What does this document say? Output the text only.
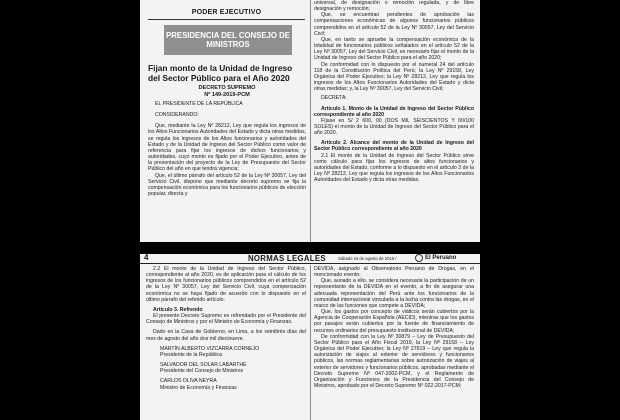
PODER EJECUTIVO
PRESIDENCIA DEL CONSEJO DE MINISTROS
Fijan monto de la Unidad de Ingreso del Sector Público para el Año 2020
DECRETO SUPREMO
Nº 149-2019-PCM

EL PRESIDENTE DE LA REPÚBLICA

CONSIDERANDO:

Que, mediante la Ley Nº 28212, Ley que regula los ingresos de los Altos Funcionarios Autoridades del Estado y dicta otras medidas, se regula los ingresos de los Altos funcionarios y autoridades del Estado y de la Unidad de Ingreso del Sector Público como valor de referencia para fijar los ingresos de dichos funcionarios y autoridades, cuyo monto es fijado por el Poder Ejecutivo, antes de la presentación del proyecto de la Ley de Presupuesto del Sector Público del año en que tendrá vigencia;

Que, el último párrafo del artículo 52 de la Ley Nº 30057, Ley del Servicio Civil, dispone que mediante decreto supremo se fija la compensación económica para los funcionarios públicos de elección popular, directa y

universal, de designación o remoción regulada, y de libre designación y remoción;

Que, se encuentran pendientes de aprobación las compensaciones económicas de algunos funcionarios públicos comprendidos en el artículo 52 de la Ley Nº 30057, Ley del Servicio Civil;

Que, en tanto se apruebe la compensación económica de la totalidad de funcionarios públicos señalados en el artículo 52 de la Ley Nº 30057, Ley del Servicio Civil, es necesario fijar el monto de la Unidad de Ingreso del Sector Público para el año 2020;

De conformidad con lo dispuesto por el numeral 24 del artículo 118 de la Constitución Política del Perú; la Ley Nº 29158, Ley Orgánica del Poder Ejecutivo; la Ley Nº 28212, Ley que regula los ingresos de los Altos Funcionarios Autoridades del Estado y dicta otras medidas; y, la Ley Nº 30057, Ley del Servicio Civil;

DECRETA:

Artículo 1. Monto de la Unidad de Ingreso del Sector Público correspondiente al año 2020

Fíjase en S/ 2 600, 00 (DOS MIL SEISCIENTOS Y 00/100 SOLES) el monto de la Unidad de Ingreso del Sector Público para el año 2020.

Artículo 2. Alcance del monto de la Unidad de Ingreso del Sector Público correspondiente al año 2020

2.1 El monto de la Unidad de Ingreso del Sector Público sirve como cálculo para fijar los ingresos de altos funcionarios y autoridades del Estado, conforme a lo dispuesto en el artículo 3 de la Ley Nº 28212, Ley que regula los ingresos de los Altos Funcionarios Autoridades del Estado y dicta otras medidas.

4	NORMAS LEGALES	Sábado 24 de agosto de 2019 /	El Peruano

2.2 El monto de la Unidad de Ingreso del Sector Público, correspondiente al año 2020, es de aplicación para el cálculo de los ingresos de los funcionarios públicos comprendidos en el artículo 52 de la Ley Nº 30057, Ley del Servicio Civil, cuya compensación económica no se haya fijado de acuerdo con lo dispuesto en el último párrafo del referido artículo.

Artículo 3. Refrendo

El presente Decreto Supremo es refrendado por el Presidente del Consejo de Ministros y por el Ministro de Economía y Finanzas.

Dado en la Casa de Gobierno, en Lima, a los veintitrés días del mes de agosto del año dos mil diecinueve.

MARTÍN ALBERTO VIZCARRA CORNEJO

Presidente de la República

SALVADOR DEL SOLAR LABARTHE

Presidente del Consejo de Ministros

CARLOS OLIVA NEYRA

Ministro de Economía y Finanzas

DEVIDA, asignado al Observatorio Peruano de Drogas, en el mencionado evento;

Que, aunado a ello, se considera necesaria la participación de un representante de la DEVIDA en el evento, a fin de asegurar una adecuada representación del Perú ante los funcionarios de la comunidad internacional vinculada a la lucha contra las drogas, en el marco de las funciones que compete a DEVIDA;

Que, los gastos por concepto de viáticos serán cubiertos por la Agencia de Cooperación Española (AECID), mientras que los gastos por pasajes serán cubiertos por la fuente de financiamiento de recursos ordinarios del presupuesto institucional de DEVIDA;

De conformidad con la Ley Nº 30879 – Ley de Presupuesto del Sector Público para el Año Fiscal 2019, la Ley Nº 29158 – Ley Orgánica del Poder Ejecutivo; la Ley Nº 27619 – Ley que regula la autorización de viajes al exterior de servidores y funcionarios públicos, las normas reglamentarias sobre autorización de viajes al exterior de servidores y funcionarios públicos, aprobadas mediante el Decreto Supremo Nº 047-2002-PCM, y el Reglamento de Organización y Funciones de la Presidencia del Consejo de Ministros, aprobado por el Decreto Supremo Nº 022-2017-PCM;
